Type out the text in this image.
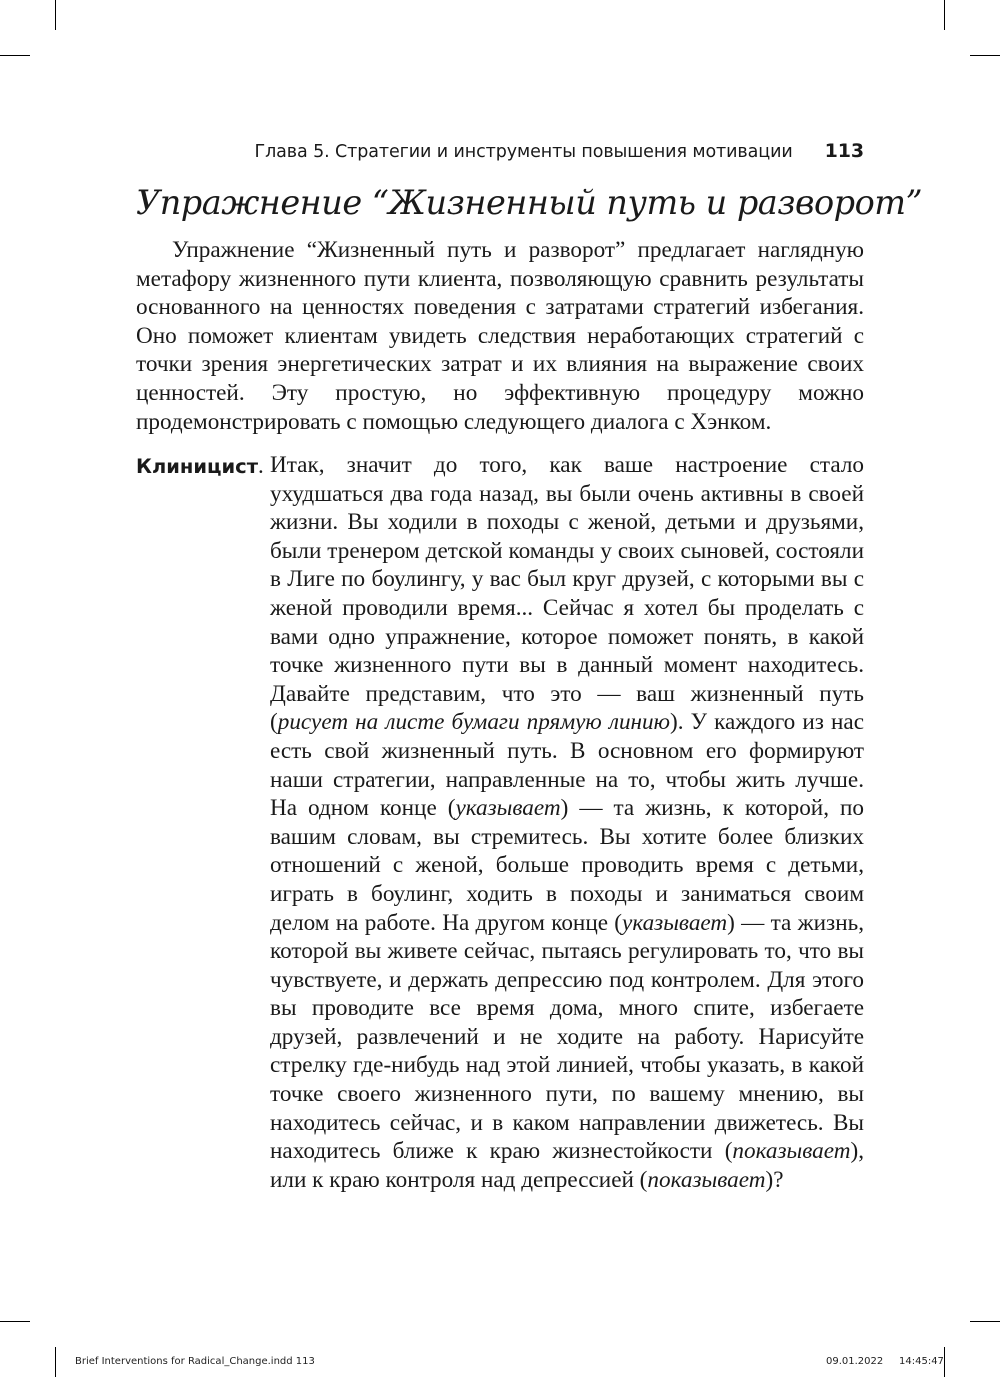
Глава 5. Стратегии и инструменты повышения мотивации 113
Упражнение “Жизненный путь и разворот”

Упражнение “Жизненный путь и разворот” предлагает наглядную метафору жизненного пути клиента, позволяющую сравнить результаты основанного на ценностях поведения с затратами стратегий избегания. Оно поможет клиентам увидеть следствия неработающих стратегий с точки зрения энергетических затрат и их влияния на выражение своих ценностей. Эту простую, но эффективную процедуру можно продемонстрировать с помощью следующего диалога с Хэнком.

Клиницист. Итак, значит до того, как ваше настроение стало ухудшаться два года назад, вы были очень активны в своей жизни. Вы ходили в походы с женой, детьми и друзьями, были тренером детской команды у своих сыновей, состояли в Лиге по боулингу, у вас был круг друзей, с которыми вы с женой проводили время... Сейчас я хотел бы проделать с вами одно упражнение, которое поможет понять, в какой точке жизненного пути вы в данный момент находитесь. Давайте представим, что это — ваш жизненный путь (рисует на листе бумаги прямую линию). У каждого из нас есть свой жизненный путь. В основном его формируют наши стратегии, направленные на то, чтобы жить лучше. На одном конце (указывает) — та жизнь, к которой, по вашим словам, вы стремитесь. Вы хотите более близких отношений с женой, больше проводить время с детьми, играть в боулинг, ходить в походы и заниматься своим делом на работе. На другом конце (указывает) — та жизнь, которой вы живете сейчас, пытаясь регулировать то, что вы чувствуете, и держать депрессию под контролем. Для этого вы проводите все время дома, много спите, избегаете друзей, развлечений и не ходите на работу. Нарисуйте стрелку где-нибудь над этой линией, чтобы указать, в какой точке своего жизненного пути, по вашему мнению, вы находитесь сейчас, и в каком направлении движетесь. Вы находитесь ближе к краю жизнестойкости (показывает), или к краю контроля над депрессией (показывает)?

Brief Interventions for Radical_Change.indd 113	09.01.2022 14:45:47
